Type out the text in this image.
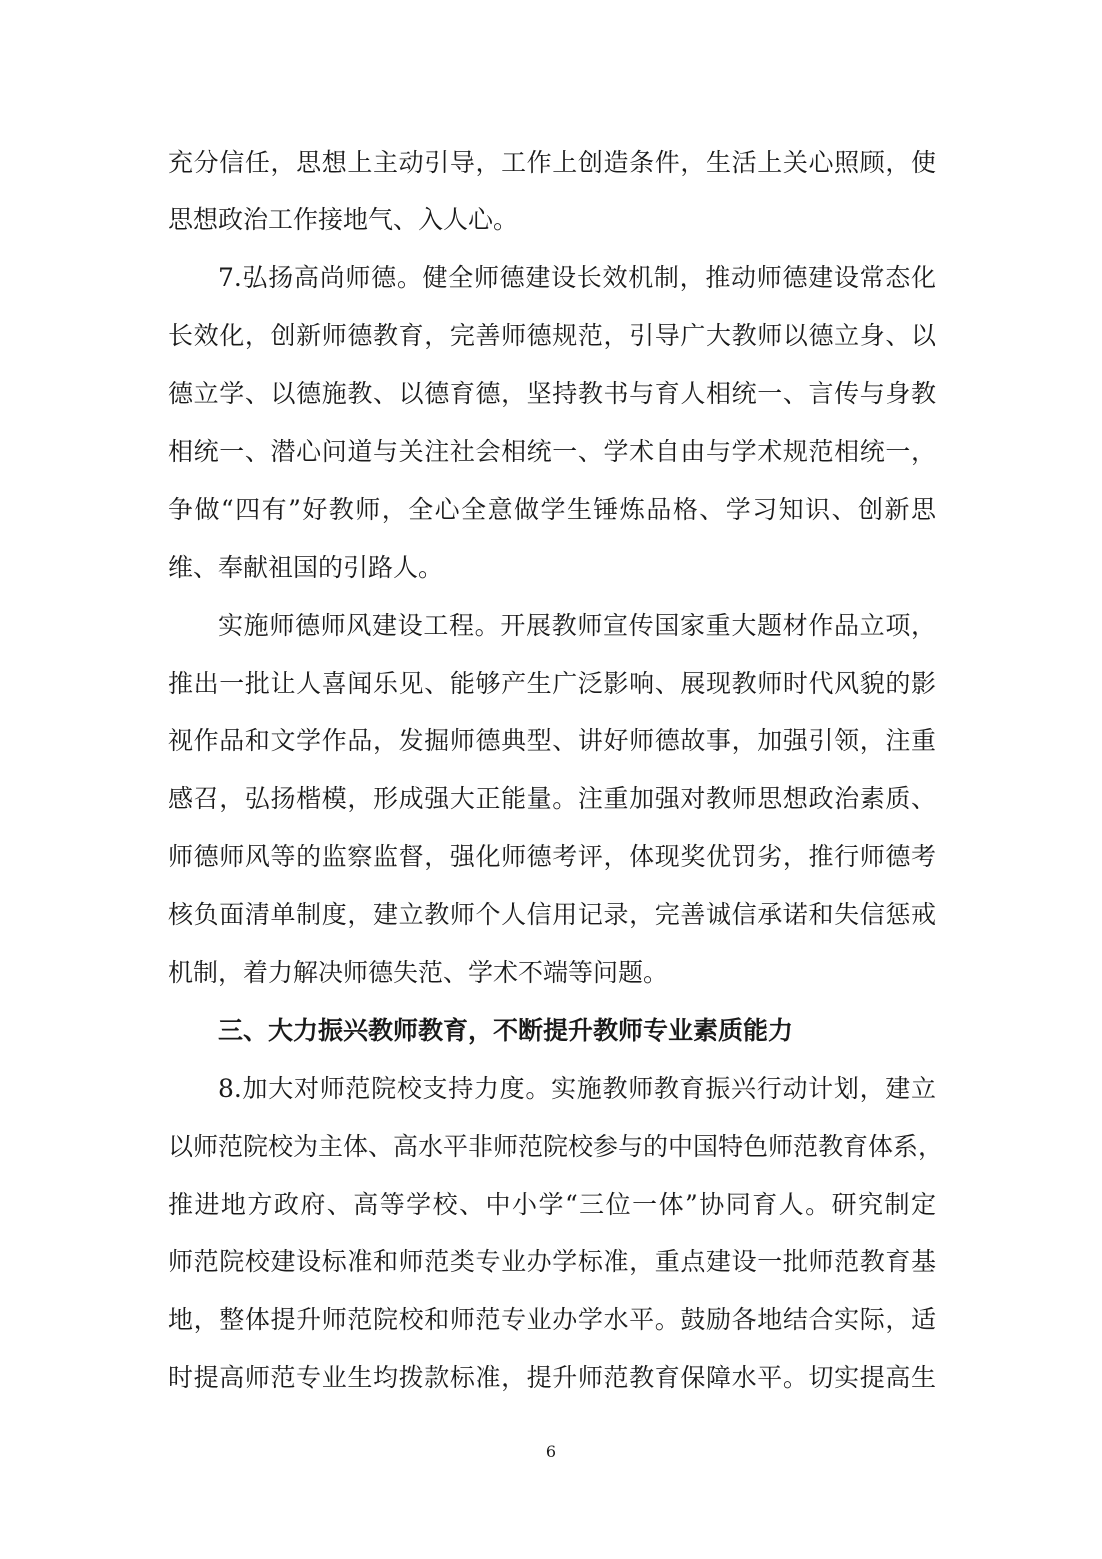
充分信任，思想上主动引导，工作上创造条件，生活上关心照顾，使
思想政治工作接地气、入人心。
7.弘扬高尚师德。健全师德建设长效机制，推动师德建设常态化
长效化，创新师德教育，完善师德规范，引导广大教师以德立身、以
德立学、以德施教、以德育德，坚持教书与育人相统一、言传与身教
相统一、潜心问道与关注社会相统一、学术自由与学术规范相统一，
争做“四有”好教师，全心全意做学生锤炼品格、学习知识、创新思
维、奉献祖国的引路人。
实施师德师风建设工程。开展教师宣传国家重大题材作品立项，
推出一批让人喜闻乐见、能够产生广泛影响、展现教师时代风貌的影
视作品和文学作品，发掘师德典型、讲好师德故事，加强引领，注重
感召，弘扬楷模，形成强大正能量。注重加强对教师思想政治素质、
师德师风等的监察监督，强化师德考评，体现奖优罚劣，推行师德考
核负面清单制度，建立教师个人信用记录，完善诚信承诺和失信惩戒
机制，着力解决师德失范、学术不端等问题。
三、大力振兴教师教育，不断提升教师专业素质能力
8.加大对师范院校支持力度。实施教师教育振兴行动计划，建立
以师范院校为主体、高水平非师范院校参与的中国特色师范教育体系，
推进地方政府、高等学校、中小学“三位一体”协同育人。研究制定
师范院校建设标准和师范类专业办学标准，重点建设一批师范教育基
地，整体提升师范院校和师范专业办学水平。鼓励各地结合实际，适
时提高师范专业生均拨款标准，提升师范教育保障水平。切实提高生
6
